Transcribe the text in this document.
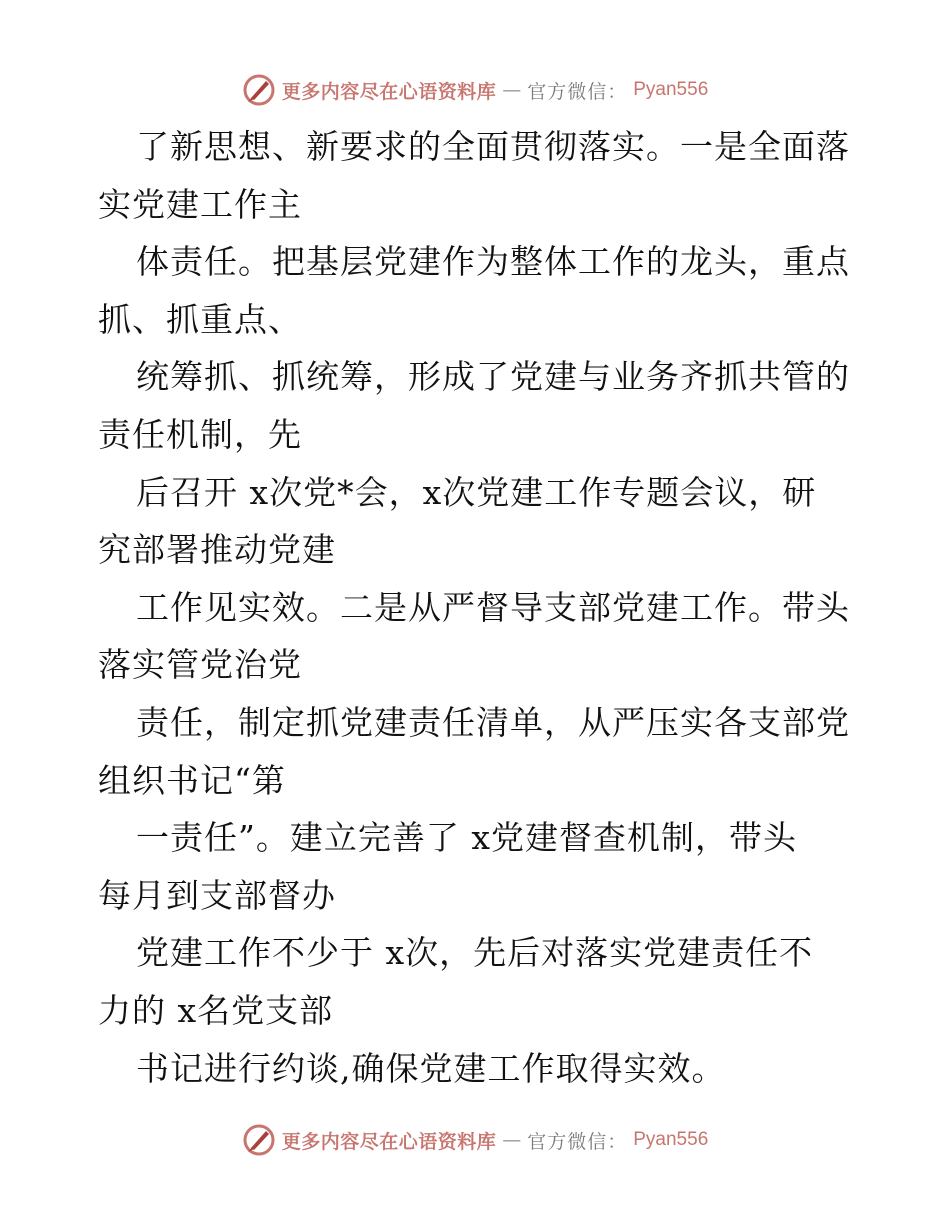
更多内容尽在心语资料库 — 官方微信： Pyan556
了新思想、新要求的全面贯彻落实。一是全面落
实党建工作主
体责任。把基层党建作为整体工作的龙头，重点
抓、抓重点、
统筹抓、抓统筹，形成了党建与业务齐抓共管的
责任机制，先
后召开 x次党*会，x次党建工作专题会议，研
究部署推动党建
工作见实效。二是从严督导支部党建工作。带头
落实管党治党
责任，制定抓党建责任清单，从严压实各支部党
组织书记“第
一责任”。建立完善了 x党建督查机制，带头
每月到支部督办
党建工作不少于 x次，先后对落实党建责任不
力的 x名党支部
书记进行约谈,确保党建工作取得实效。
更多内容尽在心语资料库 — 官方微信： Pyan556
